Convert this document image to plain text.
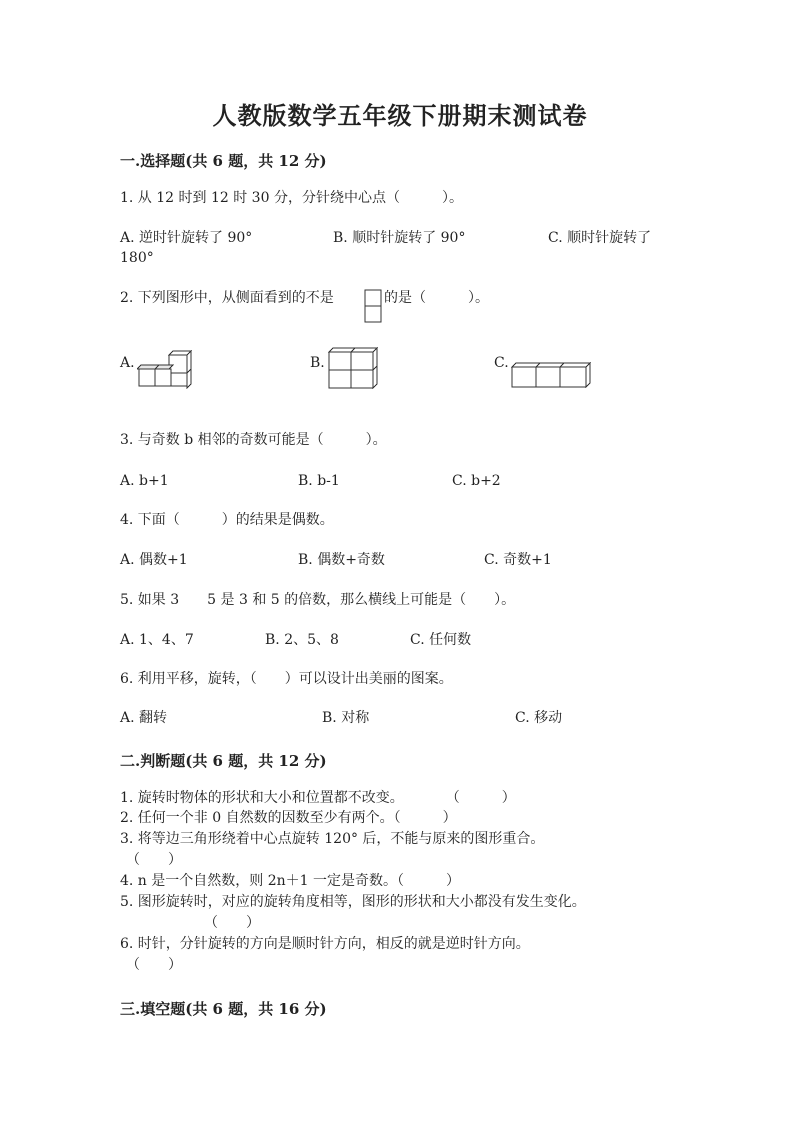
人教版数学五年级下册期末测试卷
一.选择题(共 6 题，共 12 分)
1. 从 12 时到 12 时 30 分，分针绕中心点（　　　）。
A. 逆时针旋转了 90°	B. 顺时针旋转了 90°	C. 顺时针旋转了
180°
2. 下列图形中，从侧面看到的不是	的是（　　　）。
A.	B.	C.
3. 与奇数 b 相邻的奇数可能是（　　　）。
A. b+1	B. b-1	C. b+2
4. 下面（　　　）的结果是偶数。
A. 偶数+1	B. 偶数+奇数	C. 奇数+1
5. 如果 3　　5 是 3 和 5 的倍数，那么横线上可能是（　　）。
A. 1、4、7	B. 2、5、8	C. 任何数
6. 利用平移，旋转，（　　）可以设计出美丽的图案。
A. 翻转	B. 对称	C. 移动
二.判断题(共 6 题，共 12 分)
1. 旋转时物体的形状和大小和位置都不改变。　　　　（　　　）
2. 任何一个非 0 自然数的因数至少有两个。（　　　）
3. 将等边三角形绕着中心点旋转 120° 后，不能与原来的图形重合。
（　　）
4. n 是一个自然数，则 2n＋1 一定是奇数。（　　　）
5. 图形旋转时，对应的旋转角度相等，图形的形状和大小都没有发生变化。
（　　）
6. 时针，分针旋转的方向是顺时针方向，相反的就是逆时针方向。
（　　）
三.填空题(共 6 题，共 16 分)
